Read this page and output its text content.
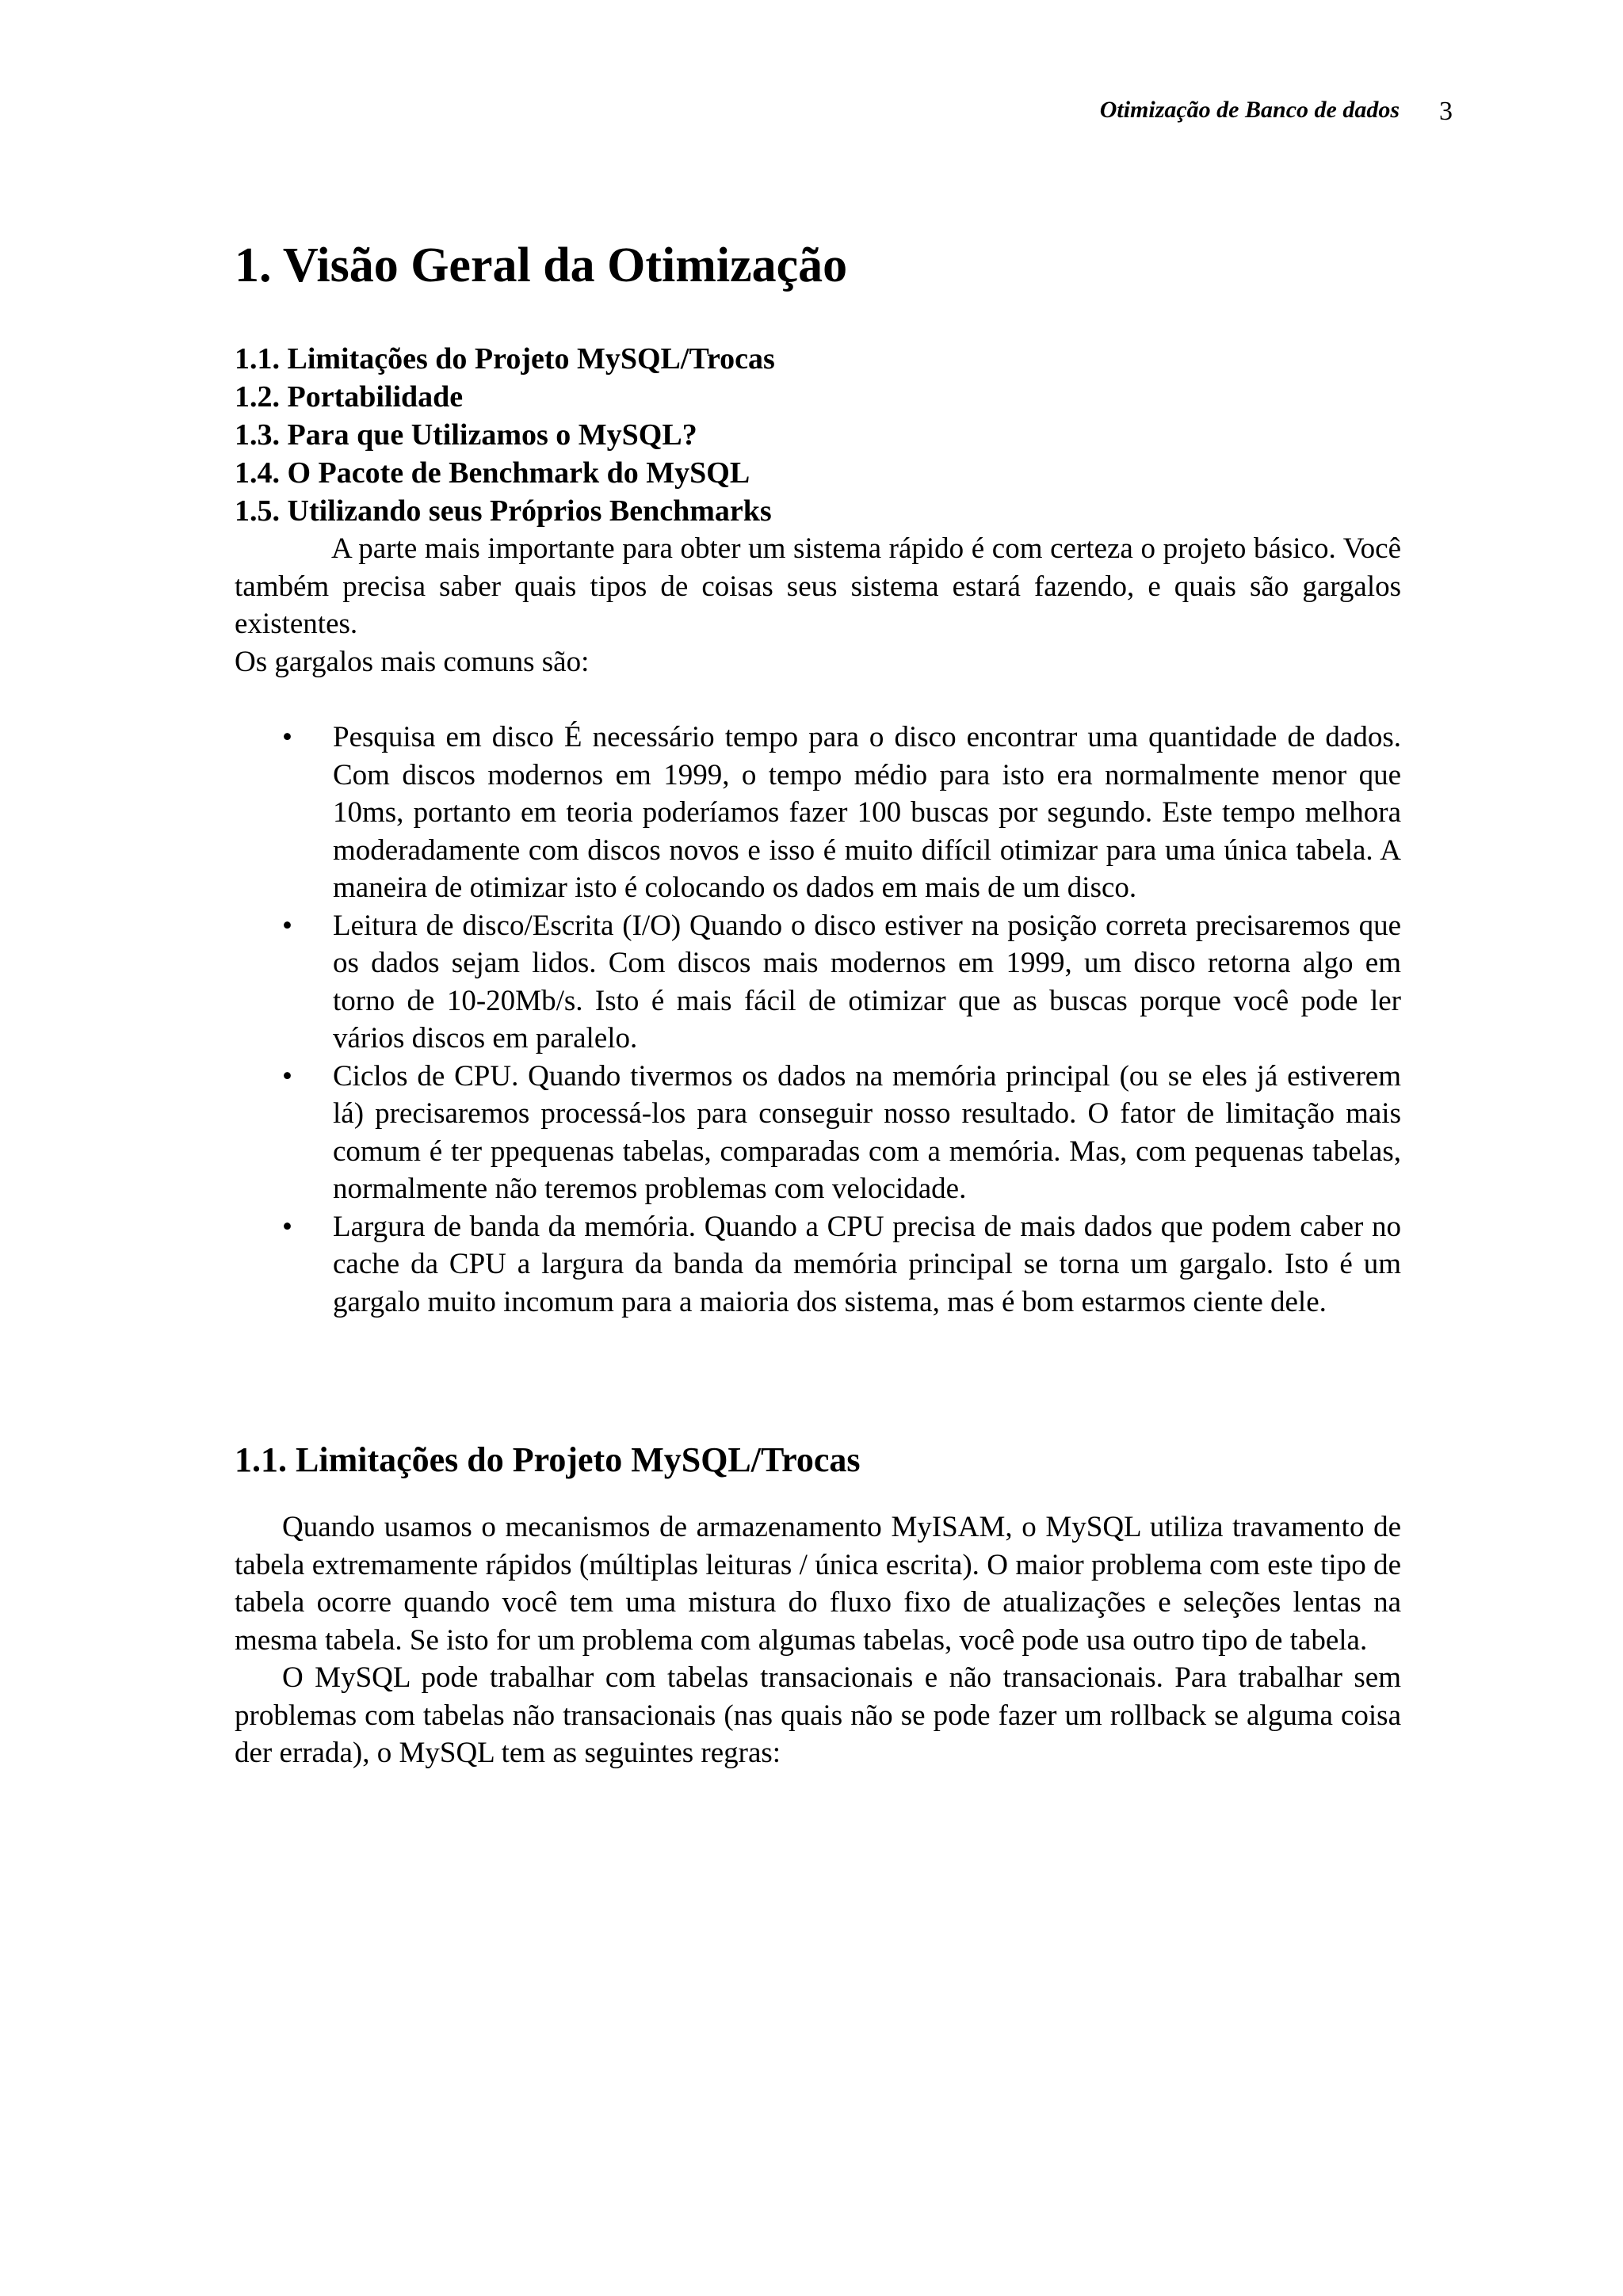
Otimização de Banco de dados 3
1. Visão Geral da Otimização
1.1. Limitações do Projeto MySQL/Trocas
1.2. Portabilidade
1.3. Para que Utilizamos o MySQL?
1.4. O Pacote de Benchmark do MySQL
1.5. Utilizando seus Próprios Benchmarks

A parte mais importante para obter um sistema rápido é com certeza o projeto básico. Você também precisa saber quais tipos de coisas seus sistema estará fazendo, e quais são gargalos existentes.

Os gargalos mais comuns são:

• Pesquisa em disco É necessário tempo para o disco encontrar uma quantidade de dados. Com discos modernos em 1999, o tempo médio para isto era normalmente menor que 10ms, portanto em teoria poderíamos fazer 100 buscas por segundo. Este tempo melhora moderadamente com discos novos e isso é muito difícil otimizar para uma única tabela. A maneira de otimizar isto é colocando os dados em mais de um disco.
• Leitura de disco/Escrita (I/O) Quando o disco estiver na posição correta precisaremos que os dados sejam lidos. Com discos mais modernos em 1999, um disco retorna algo em torno de 10-20Mb/s. Isto é mais fácil de otimizar que as buscas porque você pode ler vários discos em paralelo.
• Ciclos de CPU. Quando tivermos os dados na memória principal (ou se eles já estiverem lá) precisaremos processá-los para conseguir nosso resultado. O fator de limitação mais comum é ter ppequenas tabelas, comparadas com a memória. Mas, com pequenas tabelas, normalmente não teremos problemas com velocidade.
• Largura de banda da memória. Quando a CPU precisa de mais dados que podem caber no cache da CPU a largura da banda da memória principal se torna um gargalo. Isto é um gargalo muito incomum para a maioria dos sistema, mas é bom estarmos ciente dele.
1.1. Limitações do Projeto MySQL/Trocas

Quando usamos o mecanismos de armazenamento MyISAM, o MySQL utiliza travamento de tabela extremamente rápidos (múltiplas leituras / única escrita). O maior problema com este tipo de tabela ocorre quando você tem uma mistura do fluxo fixo de atualizações e seleções lentas na mesma tabela. Se isto for um problema com algumas tabelas, você pode usa outro tipo de tabela.

O MySQL pode trabalhar com tabelas transacionais e não transacionais. Para trabalhar sem problemas com tabelas não transacionais (nas quais não se pode fazer um rollback se alguma coisa der errada), o MySQL tem as seguintes regras:
